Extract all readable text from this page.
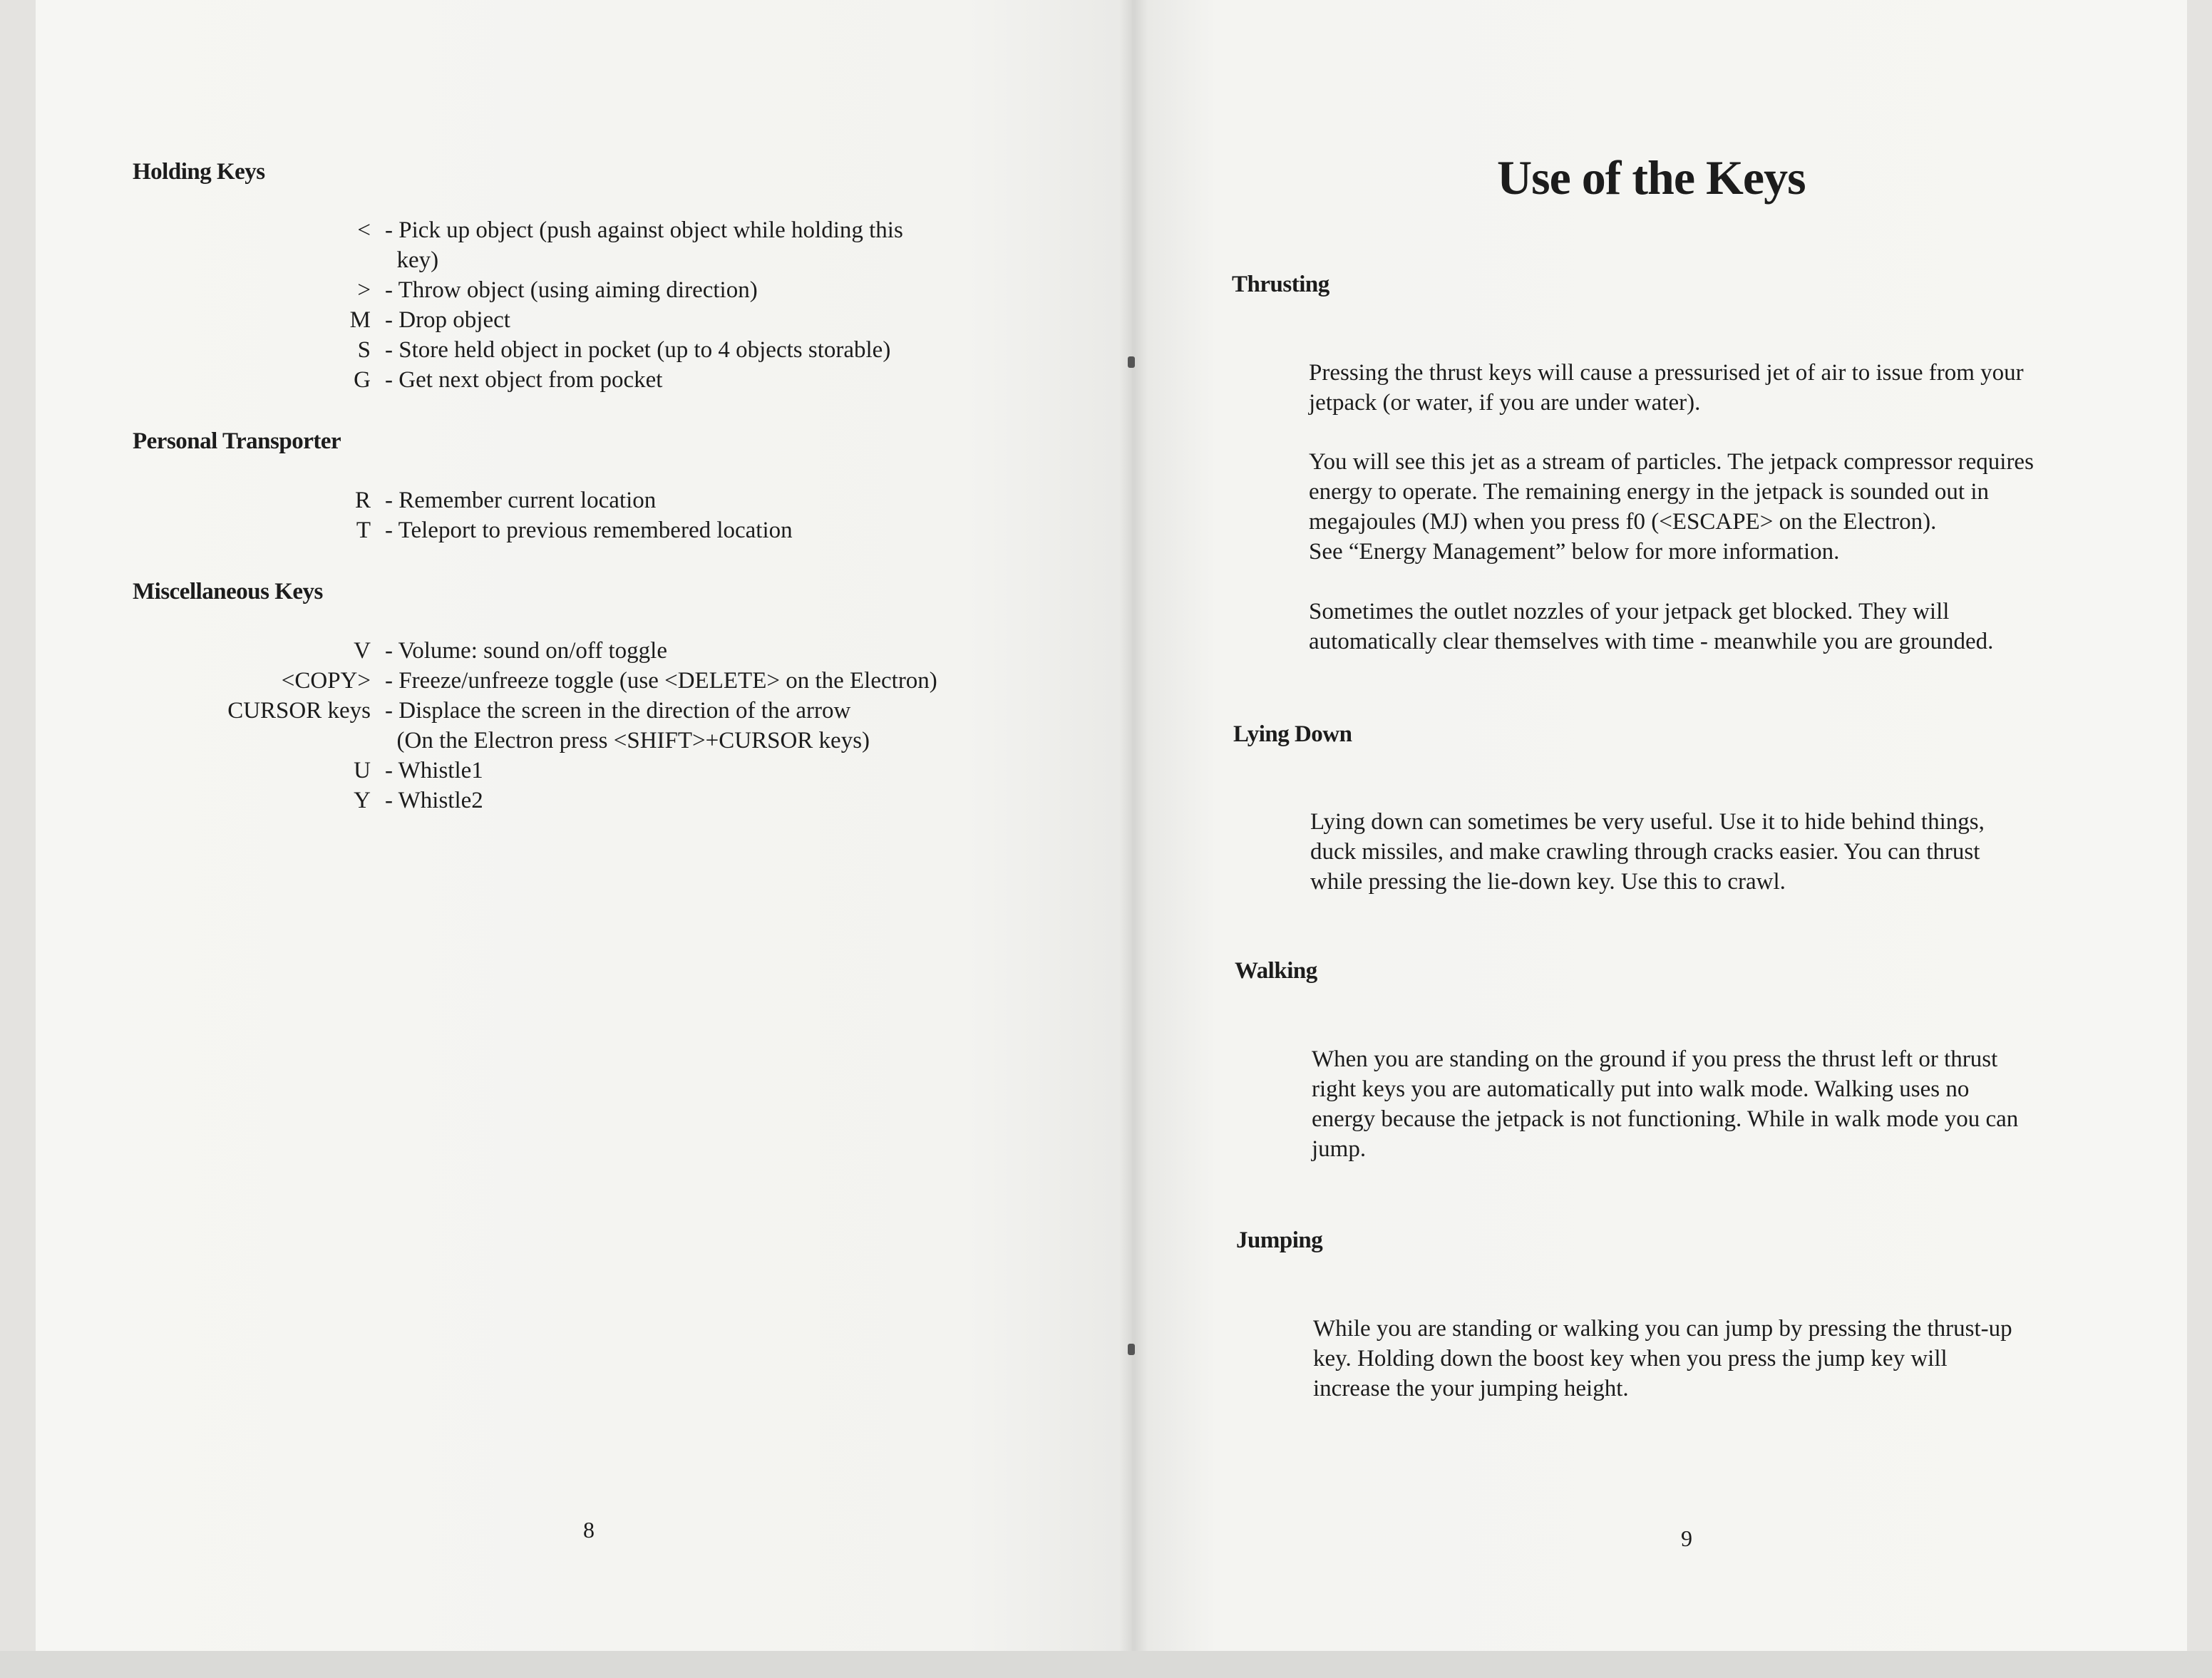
Holding Keys
< - Pick up object (push against object while holding this
key)
> - Throw object (using aiming direction)
M - Drop object
S - Store held object in pocket (up to 4 objects storable)
G - Get next object from pocket
Personal Transporter
R - Remember current location
T - Teleport to previous remembered location
Miscellaneous Keys
V - Volume: sound on/off toggle
<COPY> - Freeze/unfreeze toggle (use <DELETE> on the Electron)
CURSOR keys - Displace the screen in the direction of the arrow
(On the Electron press <SHIFT>+CURSOR keys)
U - Whistle1
Y - Whistle2
8
Use of the Keys
Thrusting
Pressing the thrust keys will cause a pressurised jet of air to issue from your
jetpack (or water, if you are under water).
You will see this jet as a stream of particles. The jetpack compressor requires
energy to operate. The remaining energy in the jetpack is sounded out in
megajoules (MJ) when you press f0 (<ESCAPE> on the Electron).
See “Energy Management” below for more information.
Sometimes the outlet nozzles of your jetpack get blocked. They will
automatically clear themselves with time - meanwhile you are grounded.
Lying Down
Lying down can sometimes be very useful. Use it to hide behind things,
duck missiles, and make crawling through cracks easier. You can thrust
while pressing the lie-down key. Use this to crawl.
Walking
When you are standing on the ground if you press the thrust left or thrust
right keys you are automatically put into walk mode. Walking uses no
energy because the jetpack is not functioning. While in walk mode you can
jump.
Jumping
While you are standing or walking you can jump by pressing the thrust-up
key. Holding down the boost key when you press the jump key will
increase the your jumping height.
9
